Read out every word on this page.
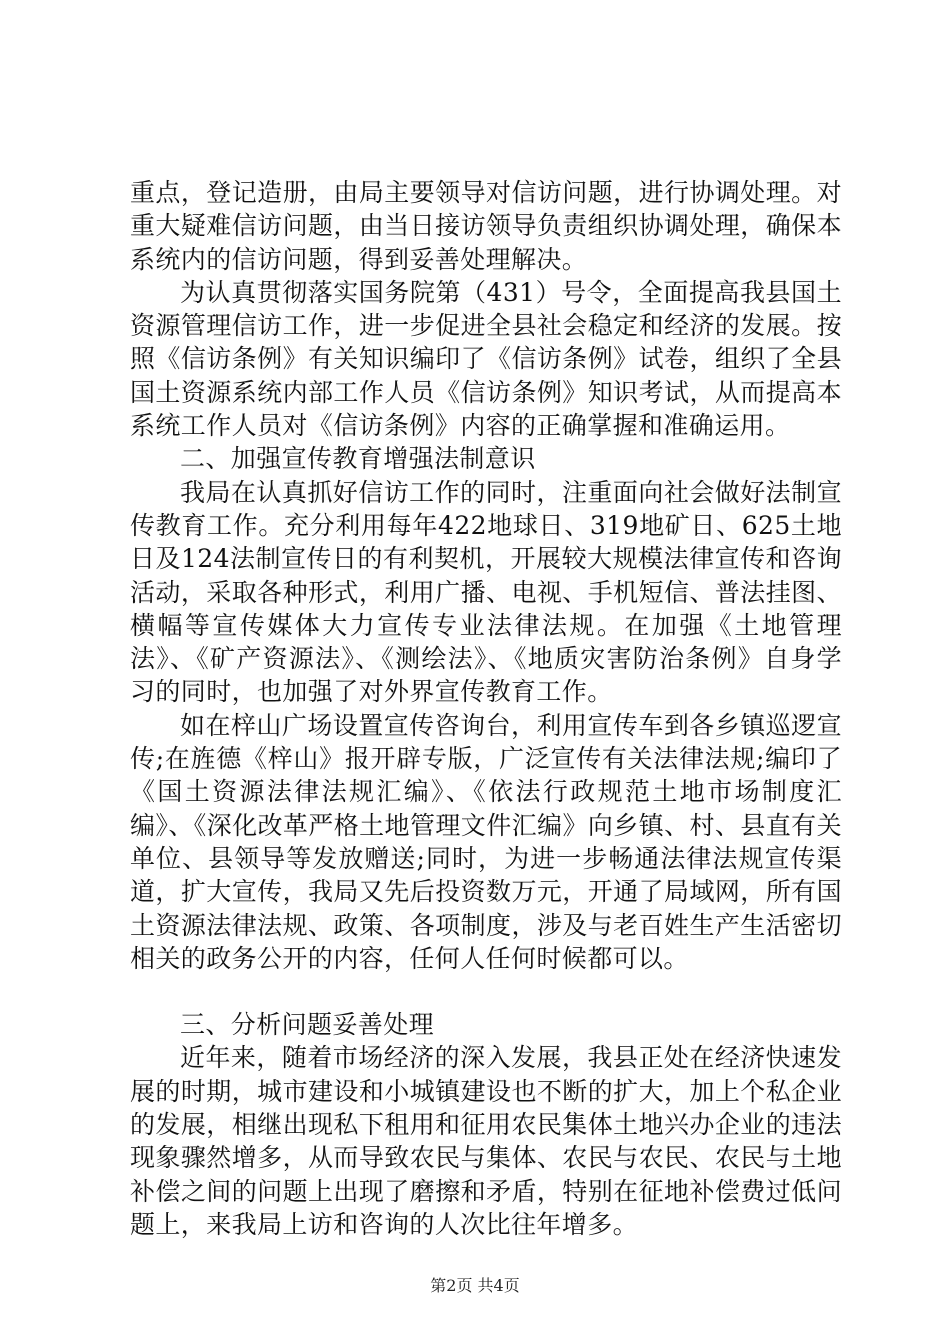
重点，登记造册，由局主要领导对信访问题，进行协调处理。对重大疑难信访问题，由当日接访领导负责组织协调处理，确保本系统内的信访问题，得到妥善处理解决。

为认真贯彻落实国务院第（431）号令，全面提高我县国土资源管理信访工作，进一步促进全县社会稳定和经济的发展。按照《信访条例》有关知识编印了《信访条例》试卷，组织了全县国土资源系统内部工作人员《信访条例》知识考试，从而提高本系统工作人员对《信访条例》内容的正确掌握和准确运用。

二、加强宣传教育增强法制意识

我局在认真抓好信访工作的同时，注重面向社会做好法制宣传教育工作。充分利用每年422地球日、319地矿日、625土地日及124法制宣传日的有利契机，开展较大规模法律宣传和咨询活动，采取各种形式，利用广播、电视、手机短信、普法挂图、横幅等宣传媒体大力宣传专业法律法规。在加强《土地管理法》、《矿产资源法》、《测绘法》、《地质灾害防治条例》自身学习的同时，也加强了对外界宣传教育工作。

如在梓山广场设置宣传咨询台，利用宣传车到各乡镇巡逻宣传;在旌德《梓山》报开辟专版，广泛宣传有关法律法规;编印了《国土资源法律法规汇编》、《依法行政规范土地市场制度汇编》、《深化改革严格土地管理文件汇编》向乡镇、村、县直有关单位、县领导等发放赠送;同时，为进一步畅通法律法规宣传渠道，扩大宣传，我局又先后投资数万元，开通了局域网，所有国土资源法律法规、政策、各项制度，涉及与老百姓生产生活密切相关的政务公开的内容，任何人任何时候都可以。

三、分析问题妥善处理

近年来，随着市场经济的深入发展，我县正处在经济快速发展的时期，城市建设和小城镇建设也不断的扩大，加上个私企业的发展，相继出现私下租用和征用农民集体土地兴办企业的违法现象骤然增多，从而导致农民与集体、农民与农民、农民与土地补偿之间的问题上出现了磨擦和矛盾，特别在征地补偿费过低问题上，来我局上访和咨询的人次比往年增多。

第2页 共4页
